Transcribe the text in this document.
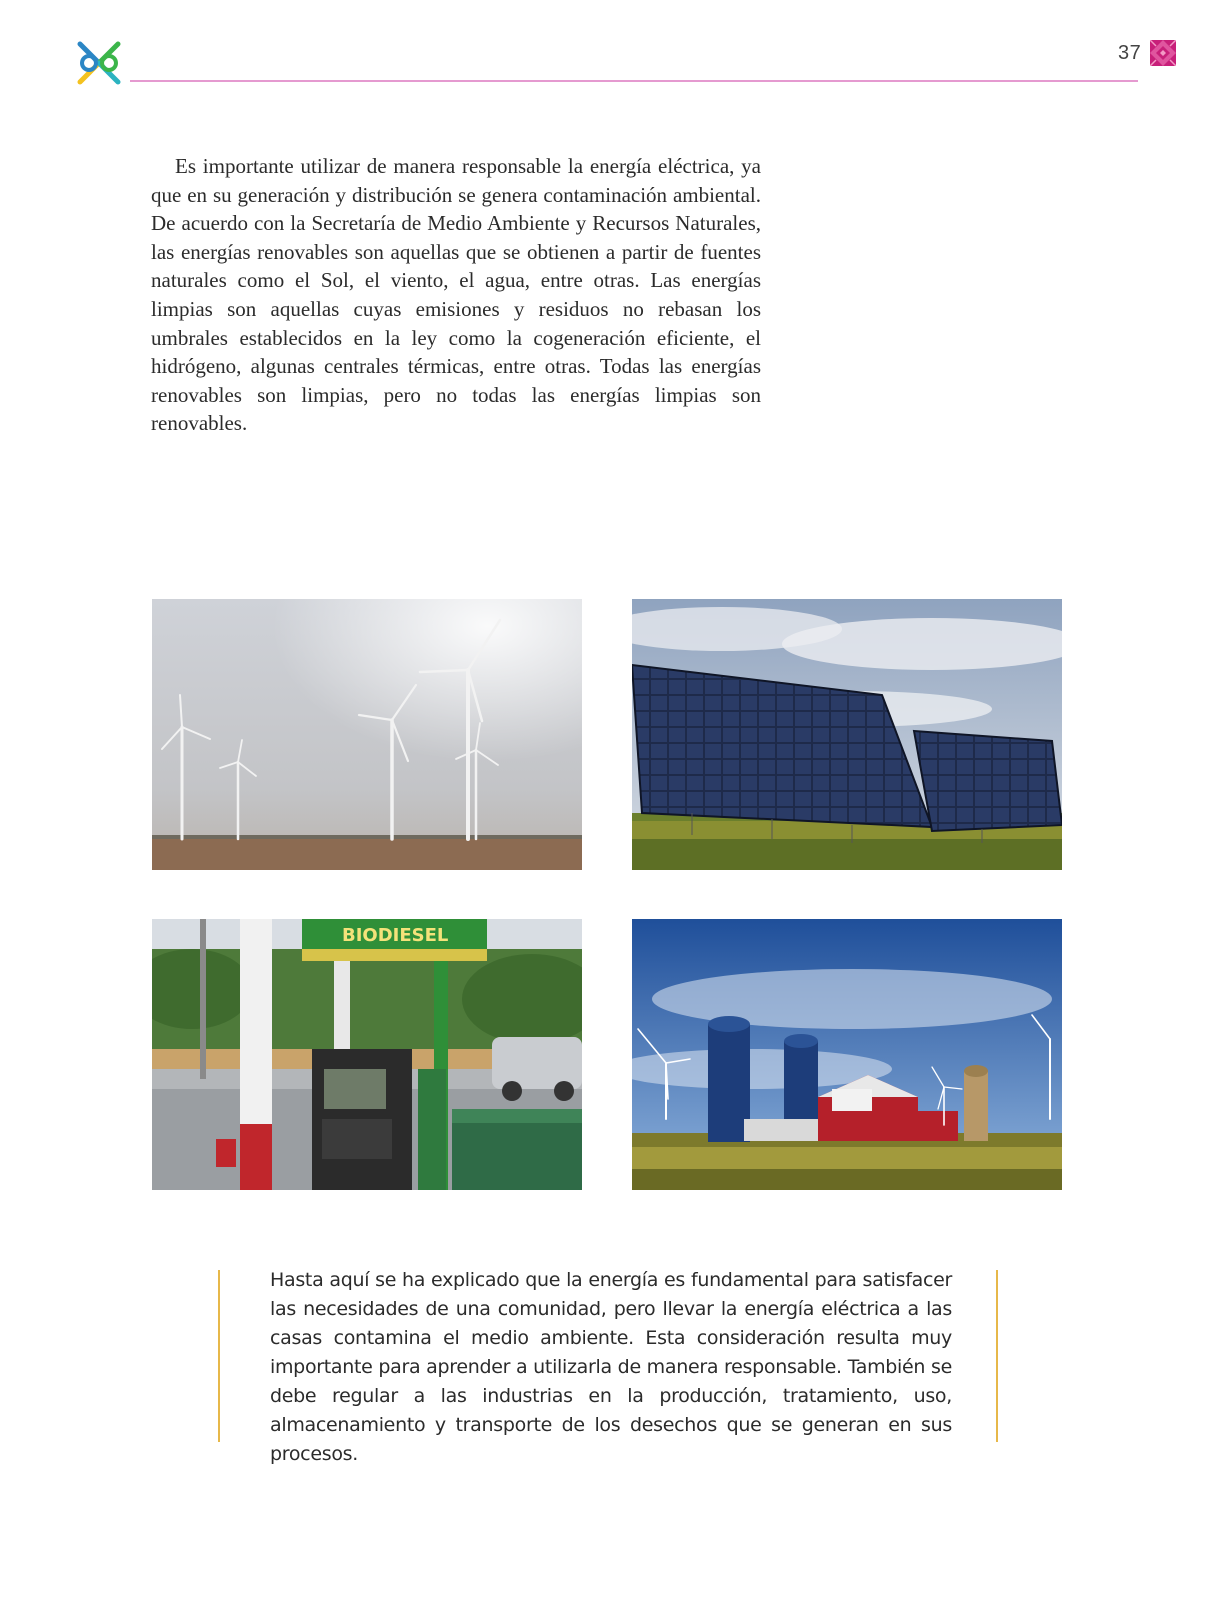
37

Es importante utilizar de manera responsable la energía eléctrica, ya que en su generación y distribución se genera contaminación ambiental. De acuerdo con la Secretaría de Medio Ambiente y Recursos Naturales, las energías renovables son aquellas que se obtienen a partir de fuentes naturales como el Sol, el viento, el agua, entre otras. Las energías limpias son aquellas cuyas emisiones y residuos no rebasan los umbrales establecidos en la ley como la cogeneración eficiente, el hidrógeno, algunas centrales térmicas, entre otras. Todas las energías renovables son limpias, pero no todas las energías limpias son renovables.

BIODIESEL

Hasta aquí se ha explicado que la energía es fundamental para satisfacer las necesidades de una comunidad, pero llevar la energía eléctrica a las casas contamina el medio ambiente. Esta consideración resulta muy importante para aprender a utilizarla de manera responsable. También se debe regular a las industrias en la producción, tratamiento, uso, almacenamiento y transporte de los desechos que se generan en sus procesos.
